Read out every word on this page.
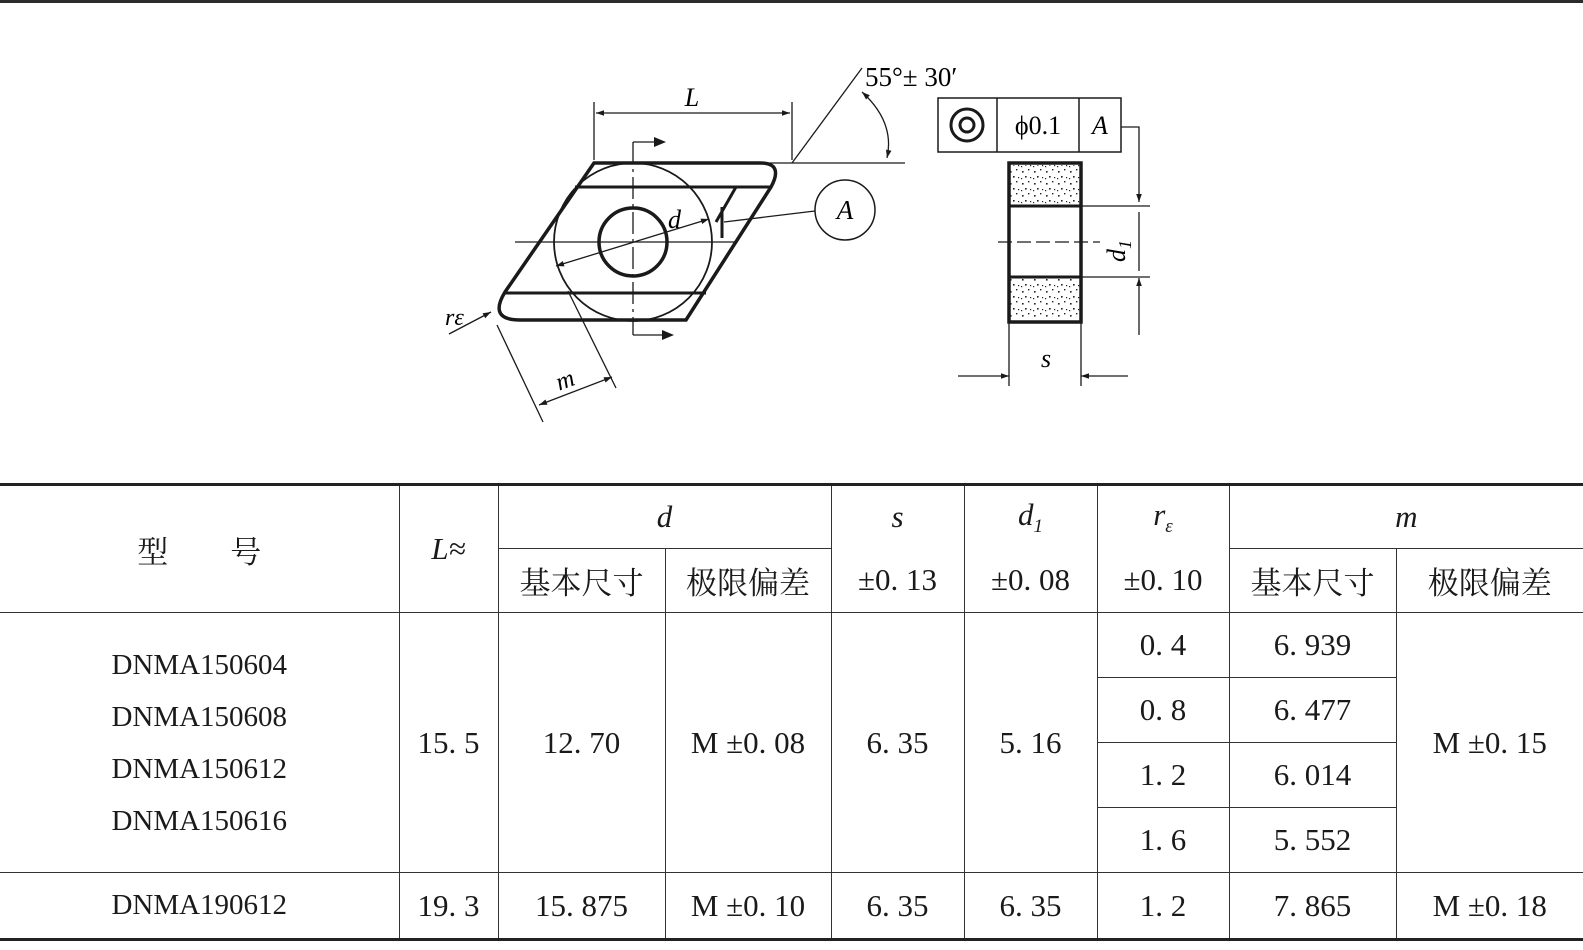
L
d
55°± 30′
A
rε
m
ϕ0.1 A
$d_1$
s
型　　号	L≈	d		s	$d_1$	$r_\varepsilon$	m	
		基本尺寸	极限偏差	±0. 13	±0. 08	±0. 10	基本尺寸	极限偏差

DNMA150604
DNMA150608
DNMA150612
DNMA150616	15. 5	12. 70	M ±0. 08	6. 35	5. 16	0. 4	6. 939	M ±0. 15
						0. 8	6. 477	
						1. 2	6. 014	
						1. 6	5. 552	
DNMA190612	19. 3	15. 875	M ±0. 10	6. 35	6. 35	1. 2	7. 865	M ±0. 18
